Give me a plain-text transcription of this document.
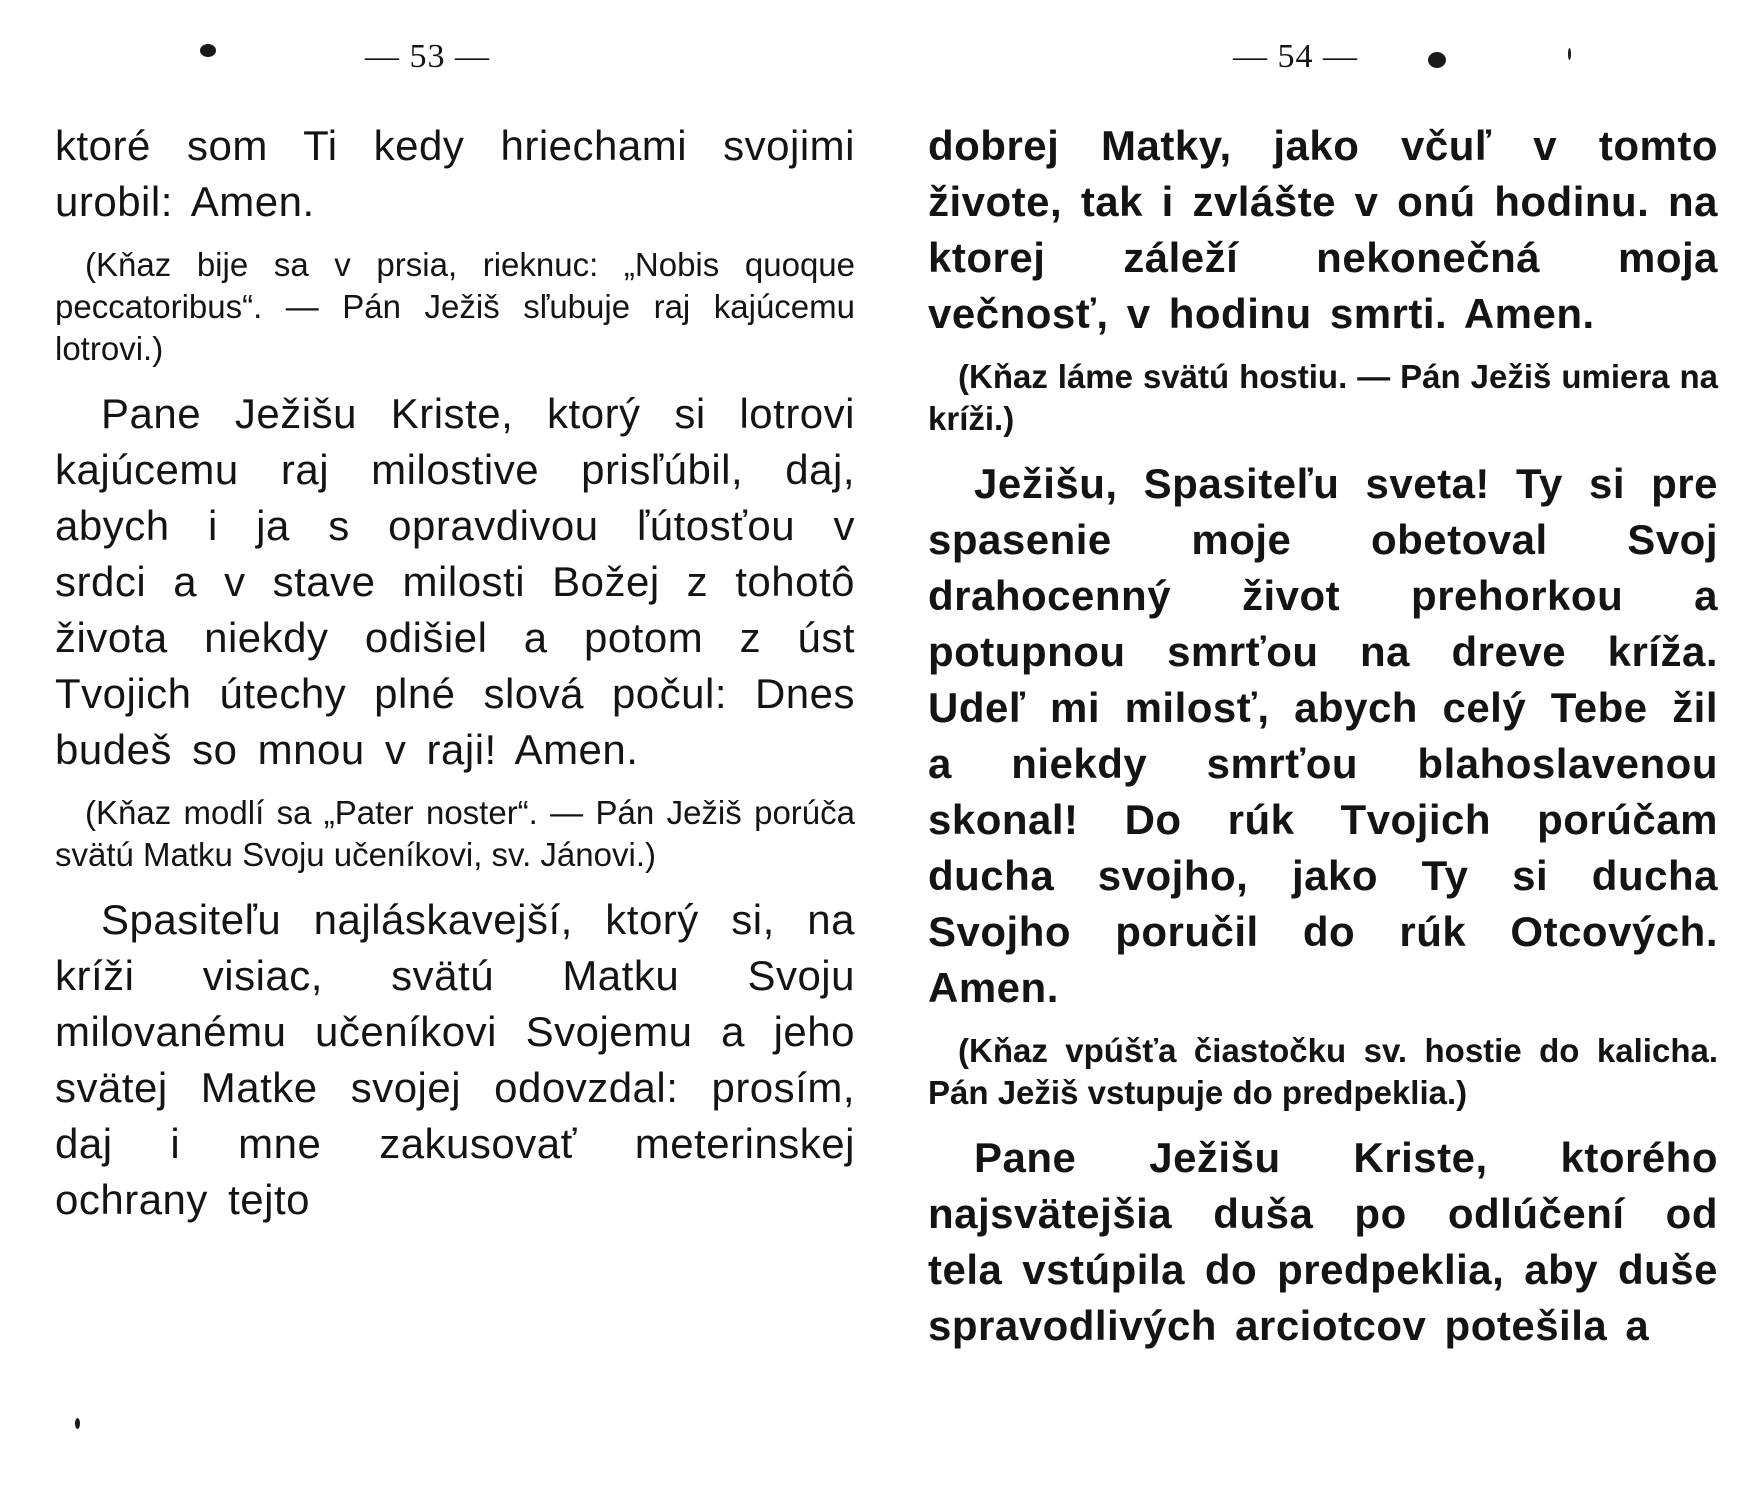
— 53 —

ktoré som Ti kedy hriechami svojimi urobil: Amen.

(Kňaz bije sa v prsia, rieknuc: „Nobis quoque peccatoribus“. — Pán Ježiš sľubuje raj kajúcemu lotrovi.)

Pane Ježišu Kriste, ktorý si lotrovi kajúcemu raj milostive prisľúbil, daj, abych i ja s opravdivou ľútosťou v srdci a v stave milosti Božej z tohotô života niekdy odišiel a potom z úst Tvojich útechy plné slová počul: Dnes budeš so mnou v raji! Amen.

(Kňaz modlí sa „Pater noster“. — Pán Ježiš porúča svätú Matku Svoju učeníkovi, sv. Jánovi.)

Spasiteľu najláskavejší, ktorý si, na kríži visiac, svätú Matku Svoju milovanému učeníkovi Svojemu a jeho svätej Matke svojej odovzdal: prosím, daj i mne zakusovať meterinskej ochrany tejto

— 54 —

dobrej Matky, jako včuľ v tomto živote, tak i zvlášte v onú hodinu. na ktorej záleží nekonečná moja večnosť, v hodinu smrti. Amen.

(Kňaz láme svätú hostiu. — Pán Ježiš umiera na kríži.)

Ježišu, Spasiteľu sveta! Ty si pre spasenie moje obetoval Svoj drahocenný život prehorkou a potupnou smrťou na dreve kríža. Udeľ mi milosť, abych celý Tebe žil a niekdy smrťou blahoslavenou skonal! Do rúk Tvojich porúčam ducha svojho, jako Ty si ducha Svojho poručil do rúk Otcových. Amen.

(Kňaz vpúšťa čiastočku sv. hostie do kalicha. Pán Ježiš vstupuje do predpeklia.)

Pane Ježišu Kriste, ktorého najsvätejšia duša po odlúčení od tela vstúpila do predpeklia, aby duše spravodlivých arciotcov potešila a
